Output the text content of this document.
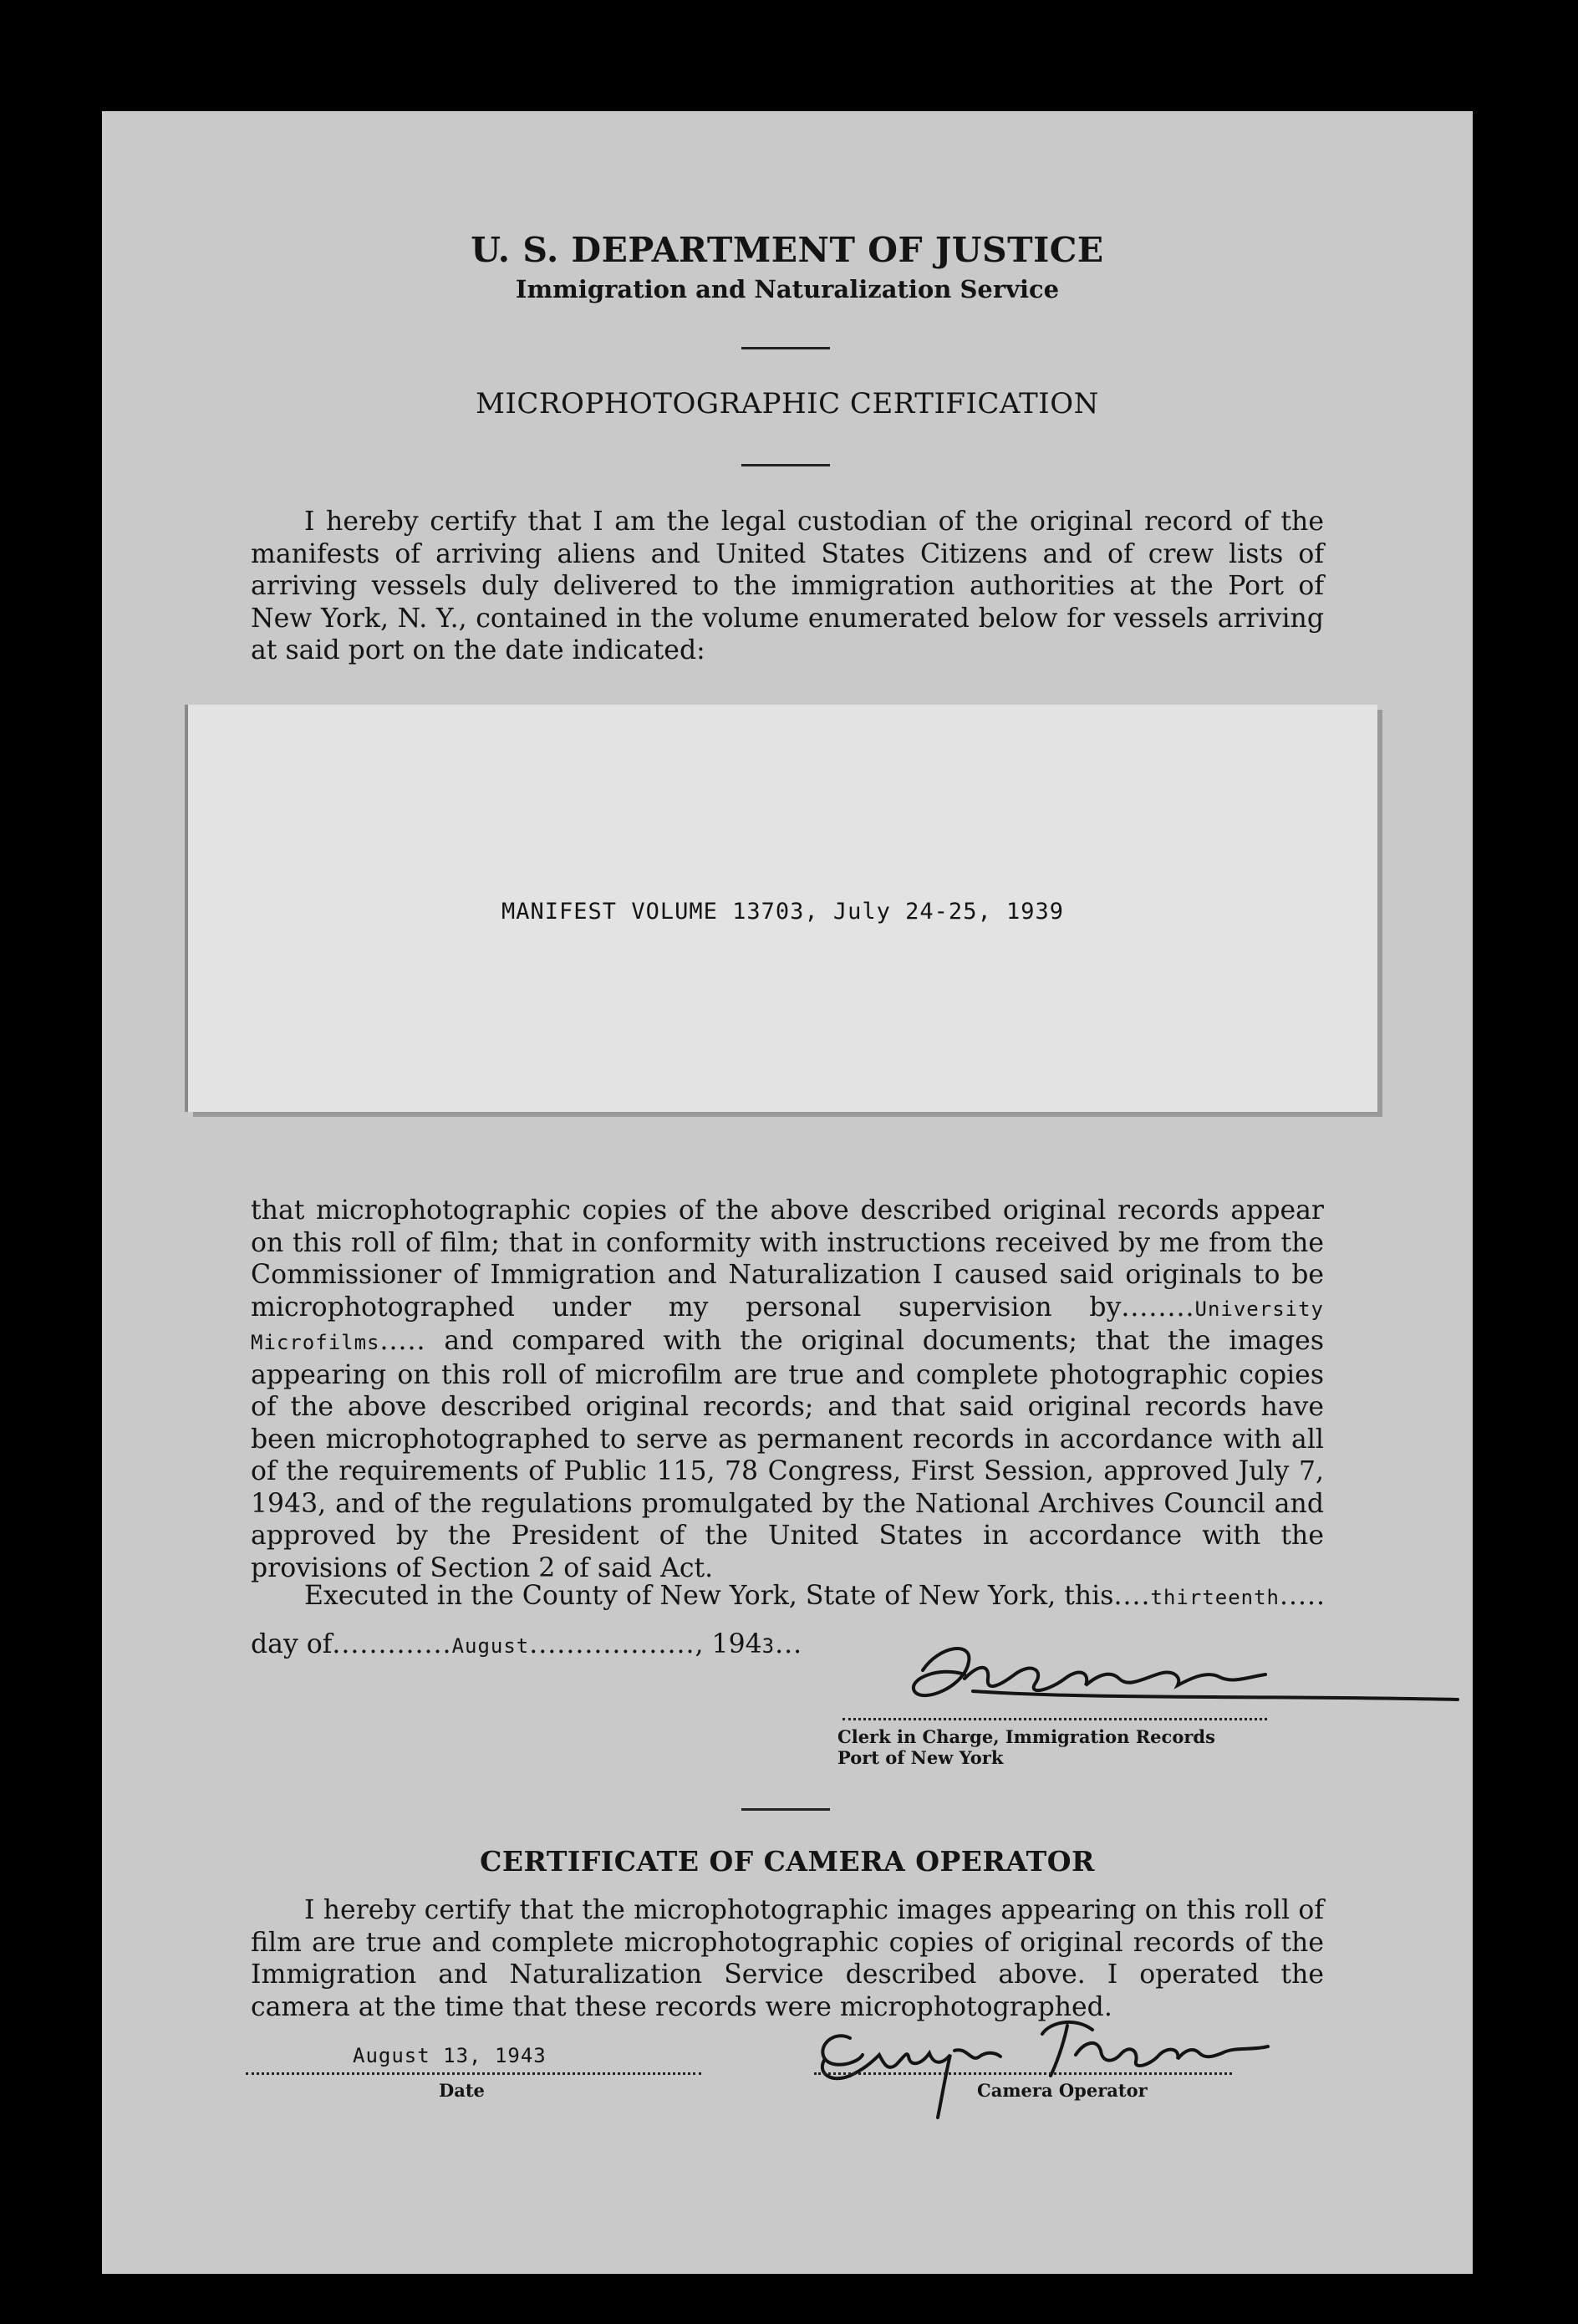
U. S. DEPARTMENT OF JUSTICE
Immigration and Naturalization Service
MICROPHOTOGRAPHIC CERTIFICATION
I hereby certify that I am the legal custodian of the original record of the manifests of arriving aliens and United States Citizens and of crew lists of arriving vessels duly delivered to the immigration authorities at the Port of New York, N. Y., contained in the volume enumerated below for vessels arriving at said port on the date indicated:
MANIFEST VOLUME 13703, July 24-25, 1939
that microphotographic copies of the above described original records appear on this roll of film; that in conformity with instructions received by me from the Commissioner of Immigration and Naturalization I caused said originals to be microphotographed under my personal supervision by........University Microfilms..... and compared with the original documents; that the images appearing on this roll of microfilm are true and complete photographic copies of the above described original records; and that said original records have been microphotographed to serve as permanent records in accordance with all of the requirements of Public 115, 78 Congress, First Session, approved July 7, 1943, and of the regulations promulgated by the National Archives Council and approved by the President of the United States in accordance with the provisions of Section 2 of said Act.
Executed in the County of New York, State of New York, this....thirteenth.....
day of.............August.................., 1943...
Clerk in Charge, Immigration Records
Port of New York
CERTIFICATE OF CAMERA OPERATOR
I hereby certify that the microphotographic images appearing on this roll of film are true and complete microphotographic copies of original records of the Immigration and Naturalization Service described above. I operated the camera at the time that these records were microphotographed.
August 13, 1943
Date	Camera Operator
